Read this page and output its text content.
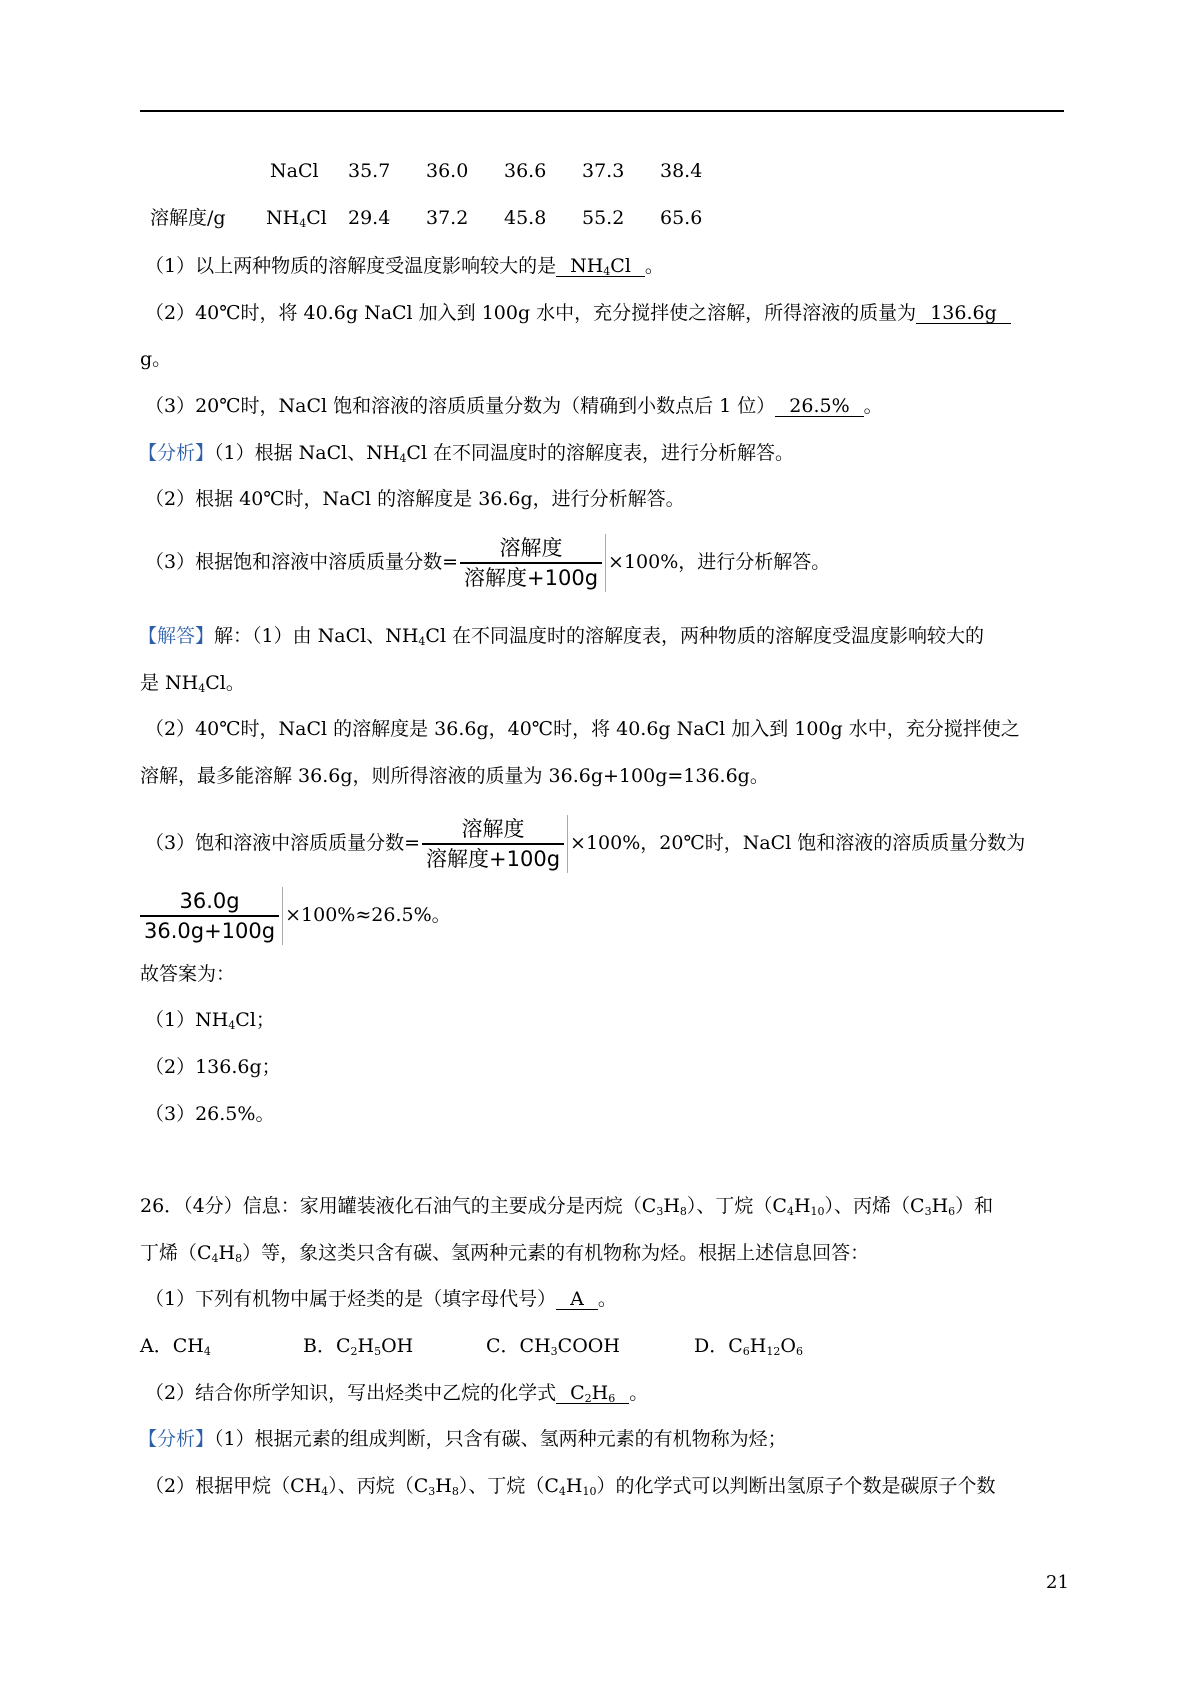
NaCl 35.7 36.0 36.6 37.3 38.4
溶解度/g $NH_4Cl$ 29.4 37.2 45.8 55.2 65.6
（1）以上两种物质的溶解度受温度影响较大的是 $NH_4Cl$ 。
（2）40℃时，将 40.6g NaCl 加入到 100g 水中，充分搅拌使之溶解，所得溶液的质量为 136.6g
g。
（3）20℃时，NaCl 饱和溶液的溶质质量分数为（精确到小数点后 1 位） 26.5% 。
【分析】（1）根据 NaCl、$NH_4Cl$ 在不同温度时的溶解度表，进行分析解答。
（2）根据 40℃时，NaCl 的溶解度是 36.6g，进行分析解答。
（3）根据饱和溶液中溶质质量分数= $\frac{\text{溶解度}}{\text{溶解度+100g}} \times 100\%$，进行分析解答。
【解答】解：（1）由 NaCl、$NH_4Cl$ 在不同温度时的溶解度表，两种物质的溶解度受温度影响较大的
是 $NH_4Cl$。
（2）40℃时，NaCl 的溶解度是 36.6g，40℃时，将 40.6g NaCl 加入到 100g 水中，充分搅拌使之
溶解，最多能溶解 36.6g，则所得溶液的质量为 36.6g+100g=136.6g。
（3）饱和溶液中溶质质量分数= $\frac{\text{溶解度}}{\text{溶解度+100g}} \times 100\%$，20℃时，NaCl 饱和溶液的溶质质量分数为
$\frac{36.0g}{36.0g+100g} \times 100\%\approx 26.5\%$。
故答案为：
$(1)NH_4Cl$；
（2）136.6g；
（3）26.5%。
26．（4分）信息：家用罐装液化石油气的主要成分是丙烷$(C_3H_8)$、丁烷$(C_4H_{10})$、丙烯$(C_3H_6)$和
丁烯$(C_4H_8)$等，象这类只含有碳、氢两种元素的有机物称为烃。根据上述信息回答：
（1）下列有机物中属于烃类的是（填字母代号） A 。
A．$CH_4$	B．$C_2H_5OH$	C．$CH_3COOH$	D．$C_6H_{12}O_6$
（2）结合你所学知识，写出烃类中乙烷的化学式 $C_2H_6$ 。
【分析】（1）根据元素的组成判断，只含有碳、氢两种元素的有机物称为烃；
（2）根据甲烷$(CH_4)$、丙烷$(C_3H_8)$、丁烷$(C_4H_{10})$的化学式可以判断出氢原子个数是碳原子个数
21
